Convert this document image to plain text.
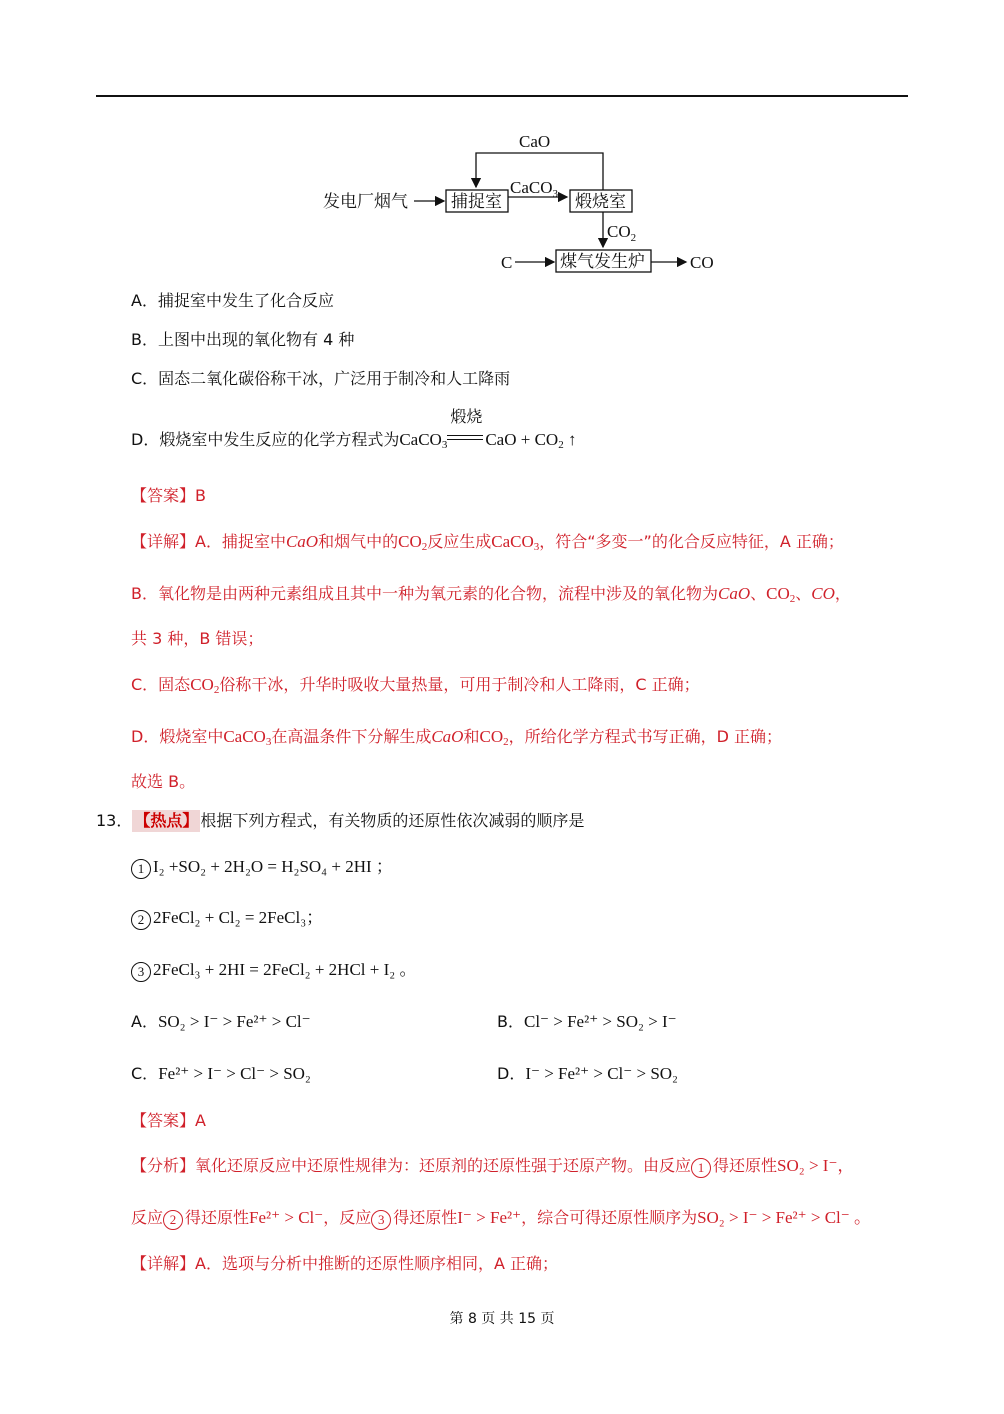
发电厂烟气	捕捉室
CaCO$_3$ 煅烧室
CaO
$CO_2$
C	煤气发生炉	CO
A．捕捉室中发生了化合反应
B．上图中出现的氧化物有 4 种
C．固态二氧化碳俗称干冰，广泛用于制冷和人工降雨
D．煅烧室中发生反应的化学方程式为CaCO$_3$
煅烧
CaO + $CO_2$ ↑
【答案】B
【详解】A．捕捉室中CaO和烟气中的$CO_2$反应生成CaCO$_3$，符合“多变一”的化合反应特征，A 正确；
B．氧化物是由两种元素组成且其中一种为氧元素的化合物，流程中涉及的氧化物为CaO、$CO_2$、CO，
共 3 种，B 错误；
C．固态$CO_2$俗称干冰，升华时吸收大量热量，可用于制冷和人工降雨，C 正确；
D．煅烧室中CaCO$_3$在高温条件下分解生成CaO和$CO_2$，所给化学方程式书写正确，D 正确；
故选 B。
13． 【热点】 根据下列方程式，有关物质的还原性依次减弱的顺序是
1 I₂ +SO₂ + 2H₂O = H₂SO₄ + 2HI ；
2 2FeCl₂ + Cl₂ = 2FeCl₃；
3 2FeCl₃ + 2HI = 2FeCl₂ + 2HCl + I₂ 。
A．SO₂ > I⁻ > Fe²⁺ > Cl⁻	B．Cl⁻ > Fe²⁺ > SO₂ > I⁻
C．Fe²⁺ > I⁻ > Cl⁻ > SO₂	D．I⁻ > Fe²⁺ > Cl⁻ > SO₂
【答案】A
【分析】氧化还原反应中还原性规律为：还原剂的还原性强于还原产物。由反应 1 得还原性SO₂ > I⁻，
反应 2 得还原性Fe²⁺ > Cl⁻，反应 3 得还原性I⁻ > Fe²⁺，综合可得还原性顺序为SO₂ > I⁻ > Fe²⁺ > Cl⁻ 。
【详解】A．选项与分析中推断的还原性顺序相同，A 正确；
第 8 页 共 15 页
